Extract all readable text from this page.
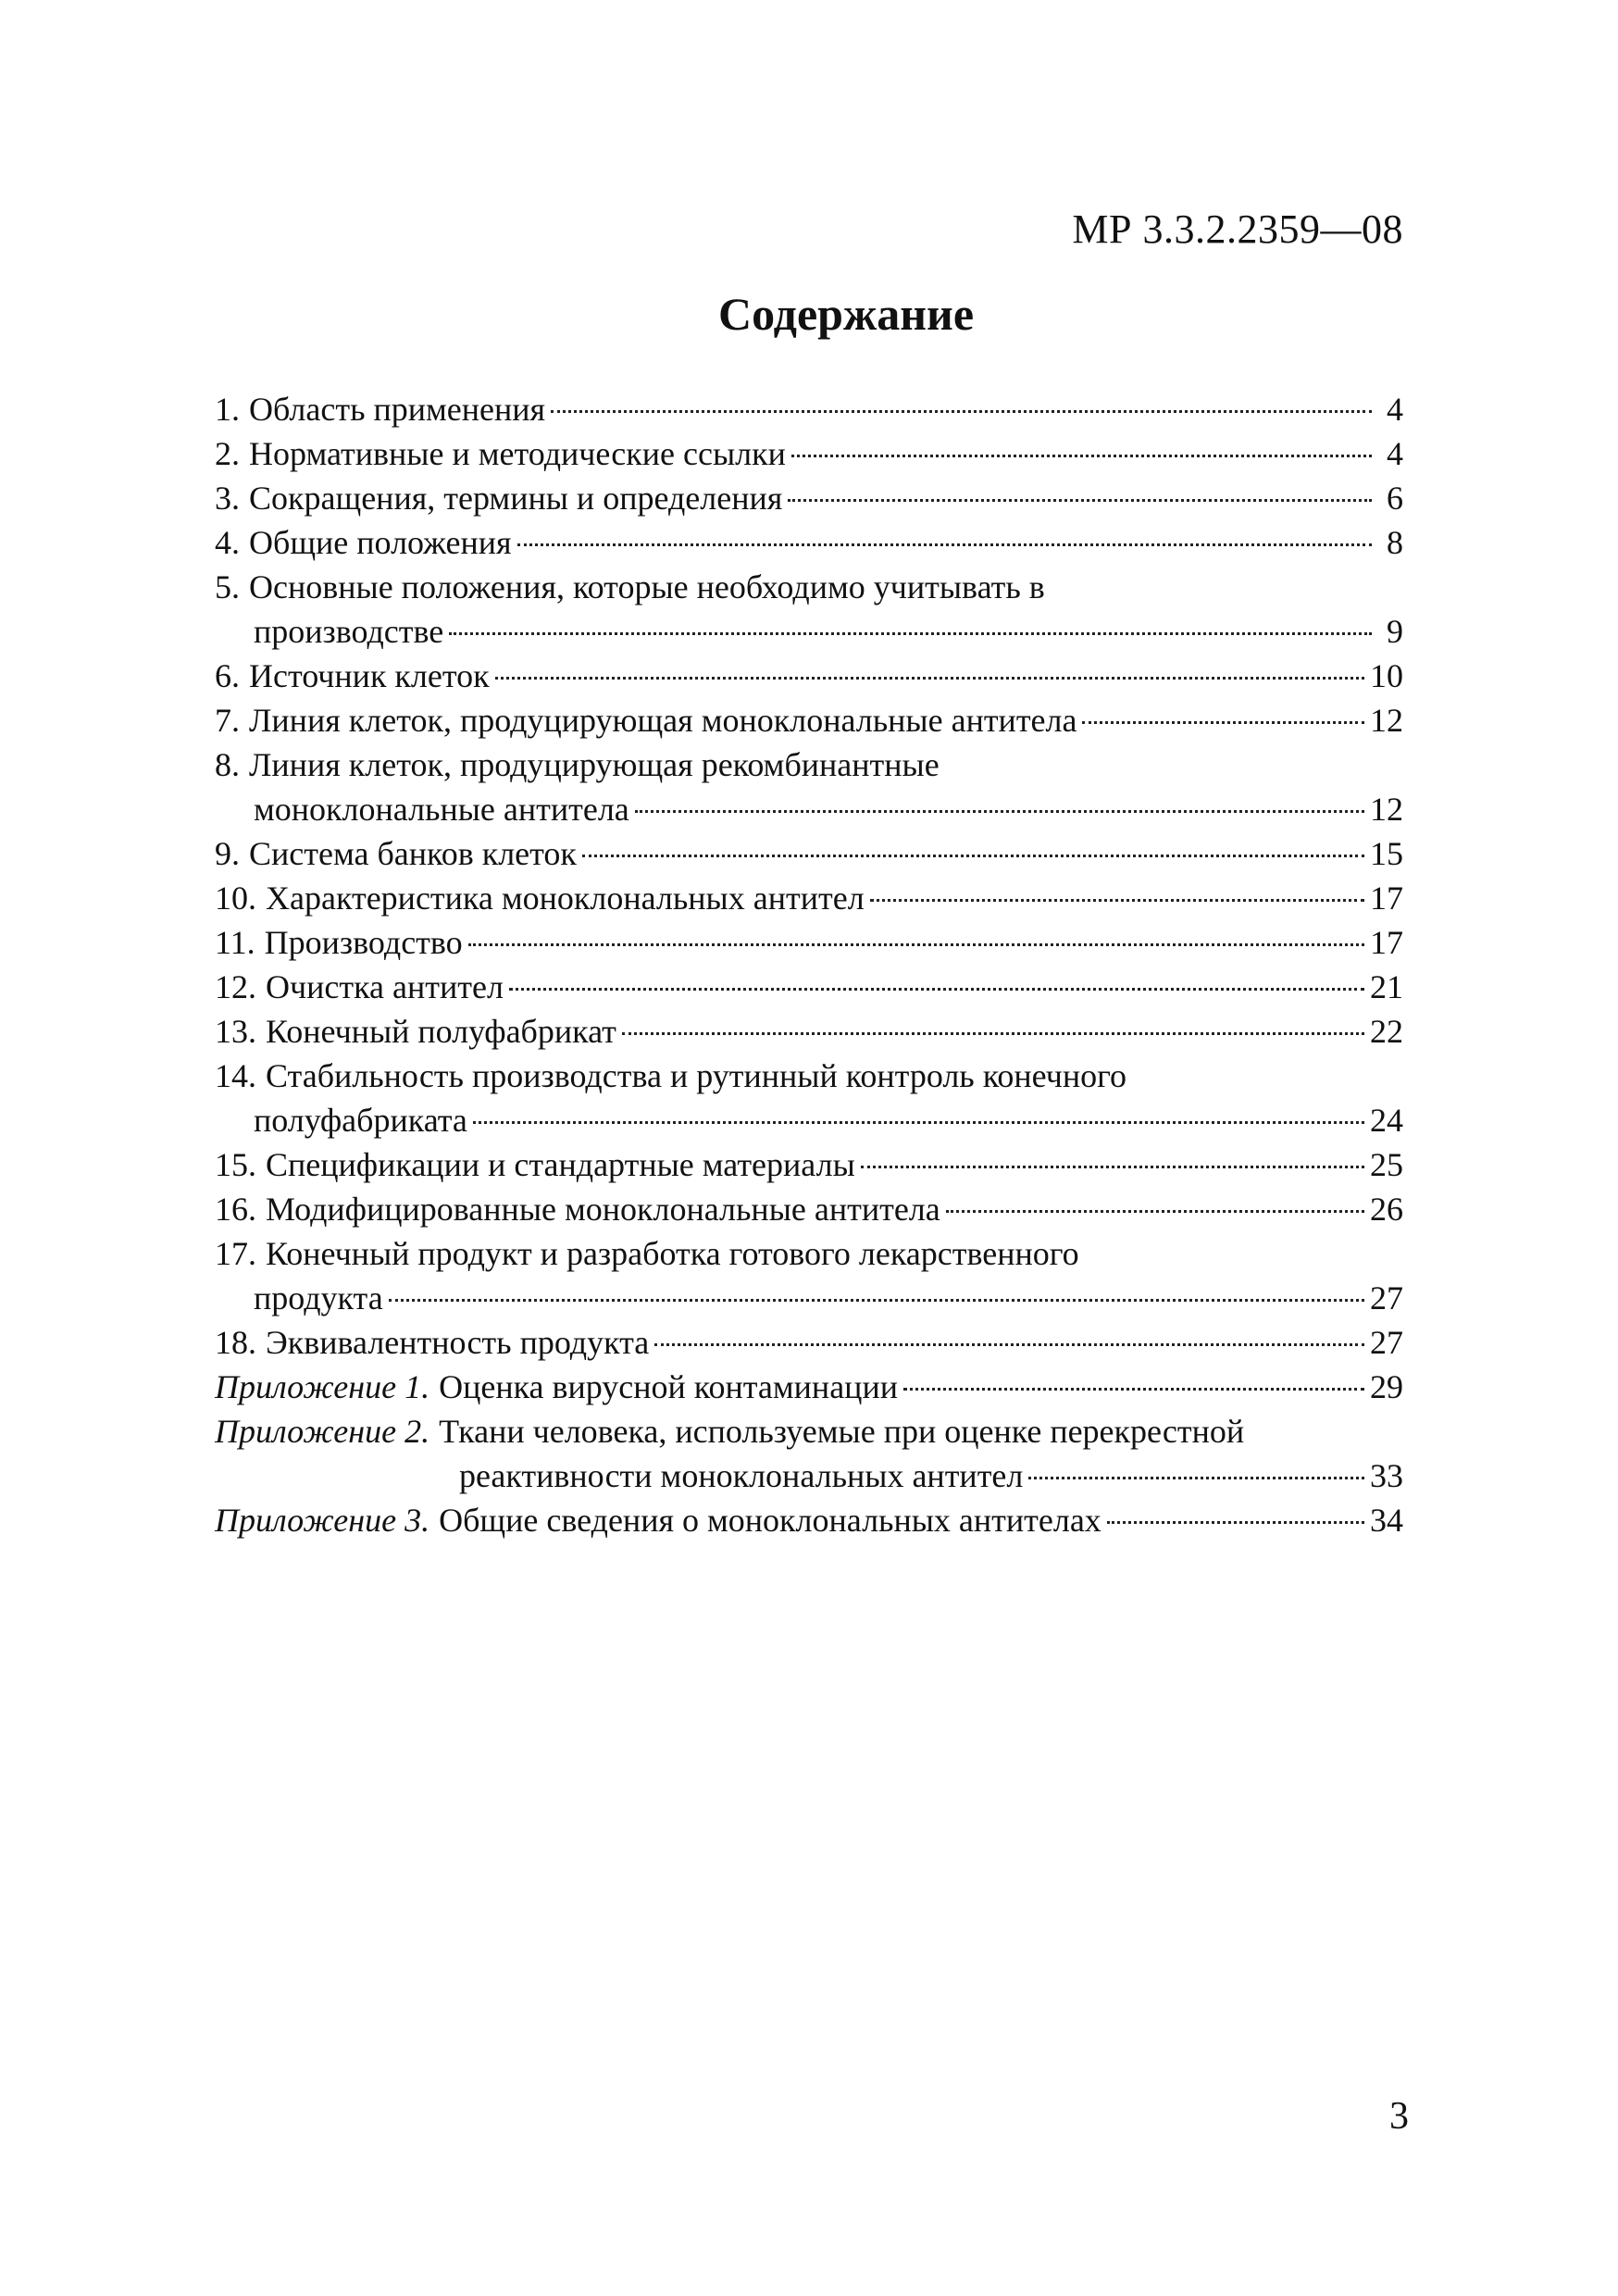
МР 3.3.2.2359—08
Содержание
1. Область применения	4
2. Нормативные и методические ссылки	4
3. Сокращения, термины и определения	6
4. Общие положения	8
5. Основные положения, которые необходимо учитывать в
производстве	9
6. Источник клеток	10
7. Линия клеток, продуцирующая моноклональные антитела	12
8. Линия клеток, продуцирующая рекомбинантные
моноклональные антитела	12
9. Система банков клеток	15
10. Характеристика моноклональных антител	17
11. Производство	17
12. Очистка антител	21
13. Конечный полуфабрикат	22
14. Стабильность производства и рутинный контроль конечного
полуфабриката	24
15. Спецификации и стандартные материалы	25
16. Модифицированные моноклональные антитела	26
17. Конечный продукт и разработка готового лекарственного
продукта	27
18. Эквивалентность продукта	27
Приложение 1. Оценка вирусной контаминации	29
Приложение 2. Ткани человека, используемые при оценке перекрестной
реактивности моноклональных антител	33
Приложение 3. Общие сведения о моноклональных антителах	34
3
